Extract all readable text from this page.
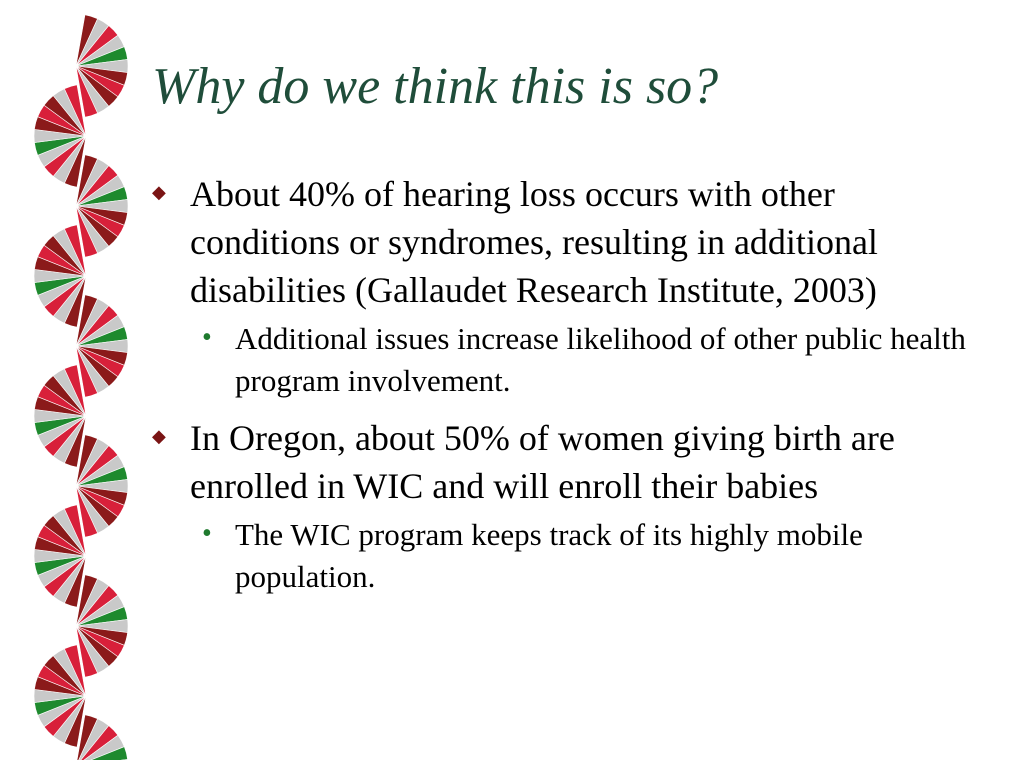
Why do we think this is so?

◆ About 40% of hearing loss occurs with other conditions or syndromes, resulting in additional disabilities (Gallaudet Research Institute, 2003)

• Additional issues increase likelihood of other public health program involvement.

◆ In Oregon, about 50% of women giving birth are enrolled in WIC and will enroll their babies

• The WIC program keeps track of its highly mobile population.
